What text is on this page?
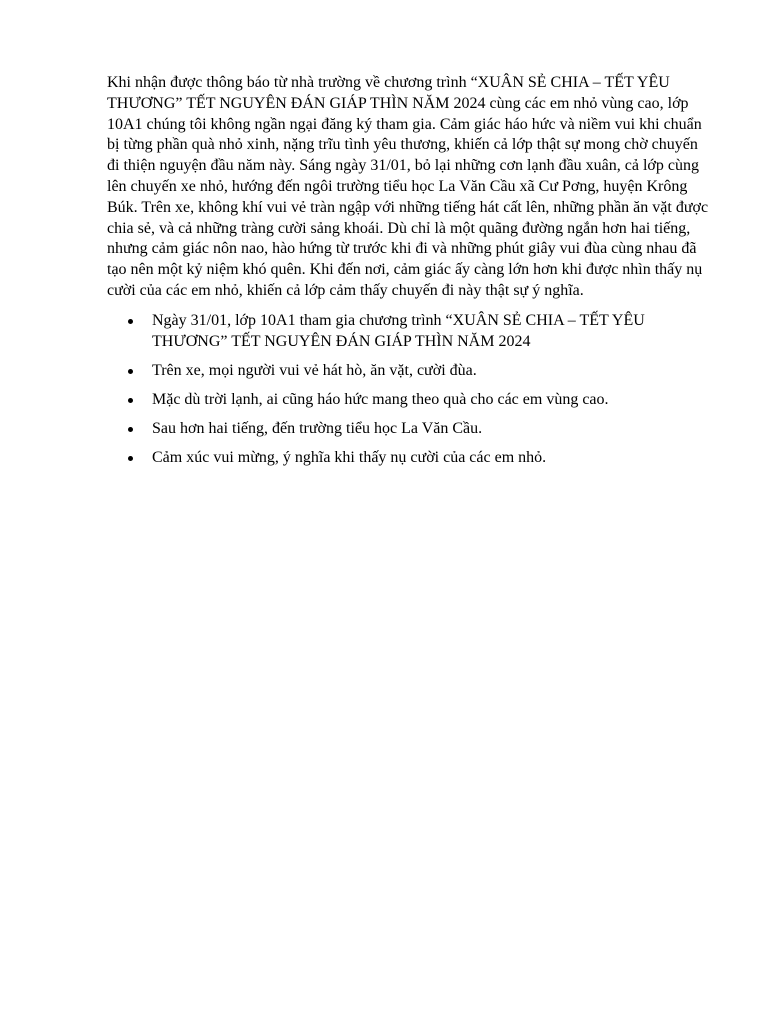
Khi nhận được thông báo từ nhà trường về chương trình “XUÂN SẺ CHIA – TẾT YÊU THƯƠNG” TẾT NGUYÊN ĐÁN GIÁP THÌN NĂM 2024 cùng các em nhỏ vùng cao, lớp 10A1 chúng tôi không ngần ngại đăng ký tham gia. Cảm giác háo hức và niềm vui khi chuẩn bị từng phần quà nhỏ xinh, nặng trĩu tình yêu thương, khiến cả lớp thật sự mong chờ chuyến đi thiện nguyện đầu năm này. Sáng ngày 31/01, bỏ lại những cơn lạnh đầu xuân, cả lớp cùng lên chuyến xe nhỏ, hướng đến ngôi trường tiểu học La Văn Cầu xã Cư Pơng, huyện Krông Búk. Trên xe, không khí vui vẻ tràn ngập với những tiếng hát cất lên, những phần ăn vặt được chia sẻ, và cả những tràng cười sảng khoái. Dù chỉ là một quãng đường ngắn hơn hai tiếng, nhưng cảm giác nôn nao, hào hứng từ trước khi đi và những phút giây vui đùa cùng nhau đã tạo nên một kỷ niệm khó quên. Khi đến nơi, cảm giác ấy càng lớn hơn khi được nhìn thấy nụ cười của các em nhỏ, khiến cả lớp cảm thấy chuyến đi này thật sự ý nghĩa.

Ngày 31/01, lớp 10A1 tham gia chương trình “XUÂN SẺ CHIA – TẾT YÊU THƯƠNG” TẾT NGUYÊN ĐÁN GIÁP THÌN NĂM 2024
Trên xe, mọi người vui vẻ hát hò, ăn vặt, cười đùa.
Mặc dù trời lạnh, ai cũng háo hức mang theo quà cho các em vùng cao.
Sau hơn hai tiếng, đến trường tiểu học La Văn Cầu.
Cảm xúc vui mừng, ý nghĩa khi thấy nụ cười của các em nhỏ.
